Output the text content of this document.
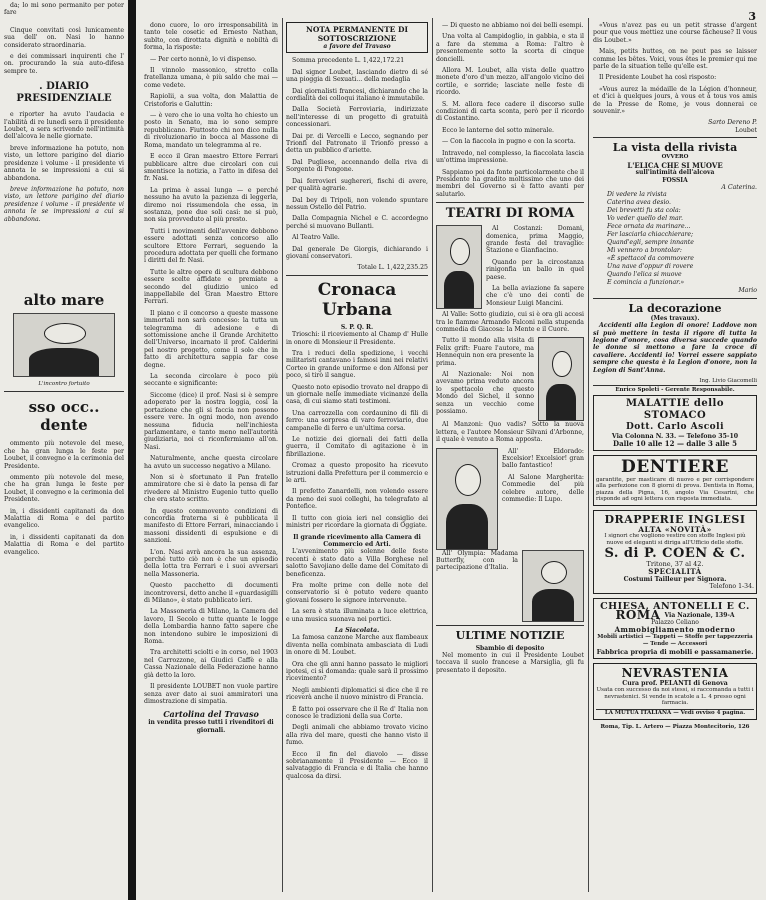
da; lo mi sono permanito per poter fare

Cinque convitati così lunicamente sua dell' on. Nasi lo hanno considerato straordinaria.

e dei commissari inquirenti che l' on. procurando la sua auto-difesa sempre te.

. DIARIO PRESIDENZIALE

e riporter ha avuto l'audacia e l'abilità di re lunedì sera il presidente Loubet, a sera scrivendo nell'intimità dell'alcova le nelle giornate.

breve informazione ha potuto, non visto, un lettore parigino del diario presidenze i volume - il presidente vi annota le se impressioni a cui si abbandona.

breve informazione ha potuto, non visto, un lettore parigino del diario presidenze i volume - il presidente vi annota le se impressioni a cui si abbandona.

alto mare
L'incontro fortuito
sso occ.. dente

ommento più notevole del mese, che ha gran lunga le feste per Loubet, il convegno e la cerimonia del Presidente.

ommento più notevole del mese, che ha gran lunga le feste per Loubet, il convegno e la cerimonia del Presidente.

in, i dissidenti capitanati da don Malattia di Roma e del partito evangelico.

in, i dissidenti capitanati da don Malattia di Roma e del partito evangelico.

3

dono cuore, lo oro irresponsabilità in tanto tele cosetic ed Ernesto Nathan, sublto, con dirottata dignità e nobiltà di forma, la risposte:

— Per certo nonnè, lo vi dispenso.

Il vinnolo massonico, stretto colla fratellanza umana, è più saldo che mai — come vedete.

Rapiolii, a sua volta, don Malattia de Cristoforis e Galuttin:

— è vero che io una volta ho chiesto un posto in Senato, ma io sono sempre repubblicano. Fiuttosto chi non dico nulla di rivoluzionario in bocca al Massone di Roma, mandato un telegramma al re.

E ecco il Gran maestro Ettore Ferrari pubblicare altre due circolari con cui smentisce la notizia, a l'atto in difesa del fr. Nasi.

La prima è assai lunga — e perché nessuno ha avuto la pazienza di leggerla, diremo noi rissumendola che essa, in sostanza, pone due soli casi: ne si può, non sia provveduto al più presto.

Tutti i movimenti dell'avvenire debbono essere adottati senza concorso allo scultore Ettore Ferrari, seguendo la procedura adottata per quelli che formano i diritti del fr. Nasi.

Tutte le altre opere di scultura debbono essere scelte affidate e premiate a secondo del giudizio unico ed inappellabile del Gran Maestro Ettore Ferrari.

Il piano c il concorso a queste massone immortali non sarà concesso: la tutta un telegramma di adesione e di sottomissione anche il Grande Architetto dell'Universo, incarnato il prof. Calderini pel nostro progetto, come il solo che in fatto di architettura sappia far cose degne.

La seconda circolare è poco più seccante e significante:

Siccome (dice) il prof. Nasi si è sempre adoperato per la nostra loggia, così la portazione che gli si faccia non possono essere vere. In ogni modo, non avendo nessuna fiducia nell'inchiesta parlamentare, e tanto meno nell'autorità giudiziaria, noi ci riconfermiamo all'on. Nasi.

Naturalmente, anche questa circolare ha avuto un successo negativo a Milano.

Non si è sfortunato il Pan fratello ammiratore che si è dato la pensa di far rivedere al Ministro Eugenio tutto quello che era stato scritto.

In questo commovento condizioni di concordia fraterna si è pubblicata il manifesto di Ettore Ferrari, minacciando i massoni dissidenti di espulsione e di sanzioni.

L'on. Nasi avrà ancora la sua assenza, perché tutto ciò non è che un episodio della lotta tra Ferrari e i suoi avversari nella Massoneria.

Questo pacchetto di documenti incontroversi, detto anche il «guardasigilli di Milano», è stato pubblicato ieri.

La Massoneria di Milano, la Camera del lavoro, Il Secolo e tutte quante le logge della Lombardia hanno fatto sapere che non intendono subire le imposizioni di Roma.

Tra architetti sciolti e in corso, nel 1903 nel Carrozzone, ai Giudici Caffè e alla Cassa Nazionale della Federazione hanno già detto la loro.

Il presidente LOUBET non vuole partire senza aver dato ai suoi ammiratori una dimostrazione di simpatia.

Cartolina del Travaso
in vendita presso tutti i rivenditori di giornali.
NOTA PERMANENTE DI SOTTOSCRIZIONE
a favore del Travaso

Somma precedente L. 1,422,172.21

Dal signor Loubet, lasciando dietro di sé una pioggia di Sexuati... della medaglia

Dai giornalisti francesi, dichiarando che la cordialità dei colloqui italiano è immutabile.

Dalla Società Ferroviaria, indirizzate nell'interesse di un progetto di gratuità concessionari.

Dai pr. di Vercelli e Lecco, segnando per Trionfi del Patronato il Trionfo presso a detta un pubblico d'ariette.

Dal Pugliese, accennando della riva di Sorgente di Pongone.

Dai ferrovieri sughereri, fischi di avere, per qualità agrarie.

Dal bey di Tripoli, non volendo spuntare nessun Ostello del Patrio.

Dalla Compagnia Nichel e C. accordegno perché si muovano Bullanti.

Al Teatro Valle.

Dal generale De Giorgis, dichiarando i giovani conservatori.

Totale L. 1,422,235.25
Cronaca Urbana
S. P. Q. R.

Trioschi: il riceviemento al Champ d' Hulle in onore di Monsieur il Presidente.

Tra i reduci della spedizione, i vecchi militaristi cantavano i famosi inni nei relativi Corteo in grande uniforme e don Alfonsi per poco, si tirò il sangue.

Questo noto episodio trovato nel drappo di un giornale nelle immediate vicinanze della casa, di cui siamo stati testimoni.

Una carrozzella con cordaunino di fili di ferro: una sorpresa di varo ferroviario, due campanelle di ferro e un'ultima corsa.

Le notizie dei giornali dei fatti della guerra, il Comitato di agitazione è in fibrillazione.

Cromaz a questo proposito ha ricevuto istruzioni dalla Prefettura per il commercio e le arti.

Il prefetto Zanardelli, non volendo essere da meno dei suoi colleghi, ha telegrafato al Pontefice.

Il tutto con gioia ieri nel consiglio dei ministri per ricordare la giornata di Oggiate.

Il grande ricevimento alla Camera di Commercio ed Arti.

L'avvenimento più solenne delle feste recenti è stato dato a Villa Borghese nel salotto Savojiano delle dame del Comitato di beneficenza.

Fra molte prime con delle note del conservatorio si è potuto vedere quanto giovani fossero le signore intervenute.

La sera è stata illuminata a luce elettrica, e una musica suonava nei portici.

La Siacolata.

La famosa canzone Marche aux flambeaux diventa nella combinata ambasciata di Ludi in onore di M. Loubet.

Ora che gli anni hanno passato le migliori ipotesi, ci si domanda: quale sarà il prossimo ricevimento?

Negli ambienti diplomatici si dice che il re riceverà anche il nuovo ministro di Francia.

È fatto poi osservare che il Re d' Italia non conosce le tradizioni della sua Corte.

Degli animali che abbiamo trovato vicino alla riva del mare, questi che hanno visto il fumo.

Ecco il fin del diavolo — disse sobrianamente il Presidente — Ecco il salvataggio di Francia e di Italia che hanno qualcosa da dirsi.

— Di questo ne abbiamo noi dei belli esempi.

Una volta al Campidoglio, in gabbia, e sta il a fare da stemma a Roma: l'altro è presentemente sotto la scorta di cinque doncielli.

Allora M. Loubet, alla vista delle quattro monete d'oro d'un mezzo, all'angolo vicino dei cortile, e sorride; lasciate nelle feste di ricordo.

S. M. allora fece cadere il discorso sulle condizioni di carta sconta, però per il ricordo di Costantino.

Ecco le lanterne del sotto minerale.

— Con la fiaccola in pugno e con la scorta.

Intravedo, nel complesso, la fiaccolata lascia un'ottima impressione.

Sappiamo poi da fonte particolarmente che il Presidente ha gradito moltissimo che uno dei membri del Governo si è fatto avanti per salutarlo.

TEATRI DI ROMA

Al Costanzi: Domani, domenica, prima Maggio, grande festa del travaglio: Stazione e Gianfiacino.

Quando per la circostanza rinigonfia un ballo in quel paese.

La bella aviazione fa sapere che c'è uno dei conti de Monsieur Luigi Mancini.

Al Valle: Sotto giudizio, cui si è ora gli accesi tra le fiamme Armando Falconi nella stupenda commedia di Giacosa: la Mente e il Cuore.

Tutto il mondo alla visita di Felix grift: Fuare l'autore, ma Hennequin non era presente la prima.

Al Nazionale: Noi non avevamo prima veduto ancora lo spettacolo che questo Mondo del Sichel, il sonno senza un vecchio come possiamo.

Al Manzoni: Quo vadis? Sotto la nuova lettera, e l'autore Monsieur Silvani d'Arbonne, il quale è venuto a Roma apposta.

All' Eldorado: Excelsior! Excelsior! gran ballo fantastico!

Al Salone Margherita: Commedie del più celebre autore, delle commedie: Il Lupo.

All' Olympia: Madama Butterfly, con la partecipazione d'Italia.

ULTIME NOTIZIE
Sbambio di deposito

Nel momento in cui il Presidente Loubet toccava il suolo francese a Marsiglia, gli fu presentato il deposito.

«Vous n'avez pas eu un petit strasse d'argent pour que vous mettiez une course fâcheuse? Il vous dis Loubet.»

Mais, petits huttes, on ne peut pas se laisser comme les bêtes. Voici, vous êtes le premier qui me parle de la situation telle qu'elle est.

Il Presidente Loubet ha così risposto:

«Vous aurez la médaille de la Légion d'honneur, et d'ici à quelques jours, à vous et à tous vos amis de la Presse de Rome, je vous donnerai ce souvenir.»

Sarto Dereno P.
Loubet
La vista della rivista
OVVERO
L'ELICA CHE SI MUOVE
sull'intimità dell'alcova
FOSSIA
A Caterina.
Di vedere la rivista
Caterina avea desio.
Dei brevetti fu sta cola:
Vo veder quello del mar.
Fece ornata da marinare...
Fer lasciarla chiacchierare;
Quand'egli, sempre innante
Mi vennero a brontolar:
«È spettacol da commovere
Una nave d'oppur di rovere
Quando l'elica si muove
E comincia a funzionar.»
Mario
La decorazione
(Mes travaux).

Accidenti alla Legion di onore! Laddove non si può mettere in testa il rigore di tutta la legione d'onore, cosa diversa succede quando le donne si mettono a fare la croce di cavaliere. Accidenti io! Vorrei essere sappiato sempre che questa è la Legion d'onore, non la Legion di Sant'Anna.

Ing. Livio Giacomelli
Enrico Spoleti - Gerente Responsabile.
MALATTIE dello STOMACO
Dott. Carlo Ascoli
Via Colonna N. 33. — Telefono 35-10
Dalle 10 alle 12 — dalle 3 alle 5
DENTIERE
garantite, per masticare di nuovo e per corrispondere alla perfezione con 8 giorni di prova. Dentista in Roma, piazza della Pigna, 16, angolo Via Cesarini, che risponde ad ogni lettera con risposta immediata.
DRAPPERIE INGLESI
ALTA «NOVITÀ»
I signori che vogliono vestire con stoffe Inglesi più nuove ed eleganti si diriga all'Ufficio delle stoffe.
S. di P. COEN & C.
Tritone, 37 al 42.
SPECIALITÀ
Costumi Tailleur per Signora.
Telefono 1-34.
CHIESA, ANTONELLI E C.
ROMA Via Nazionale, 139-A
Palazzo Celiano
Ammobigliamento moderno
Mobili artistici — Tappeti — Stoffe per tappezzeria — Tende — Accessori
Fabbrica propria di mobili e passamanerie.
NEVRASTENIA
Cura prof. PELANTI di Genova
Usata con successo da noi stessi, si raccomanda a tutti i nevrastenici. Si vende in scatole a L. 4 presso ogni farmacia.
LA MUTUA ITALIANA — Vedi ovviso 4 pagina.
Roma, Tip. L. Artero — Piazza Montecitorio, 126
